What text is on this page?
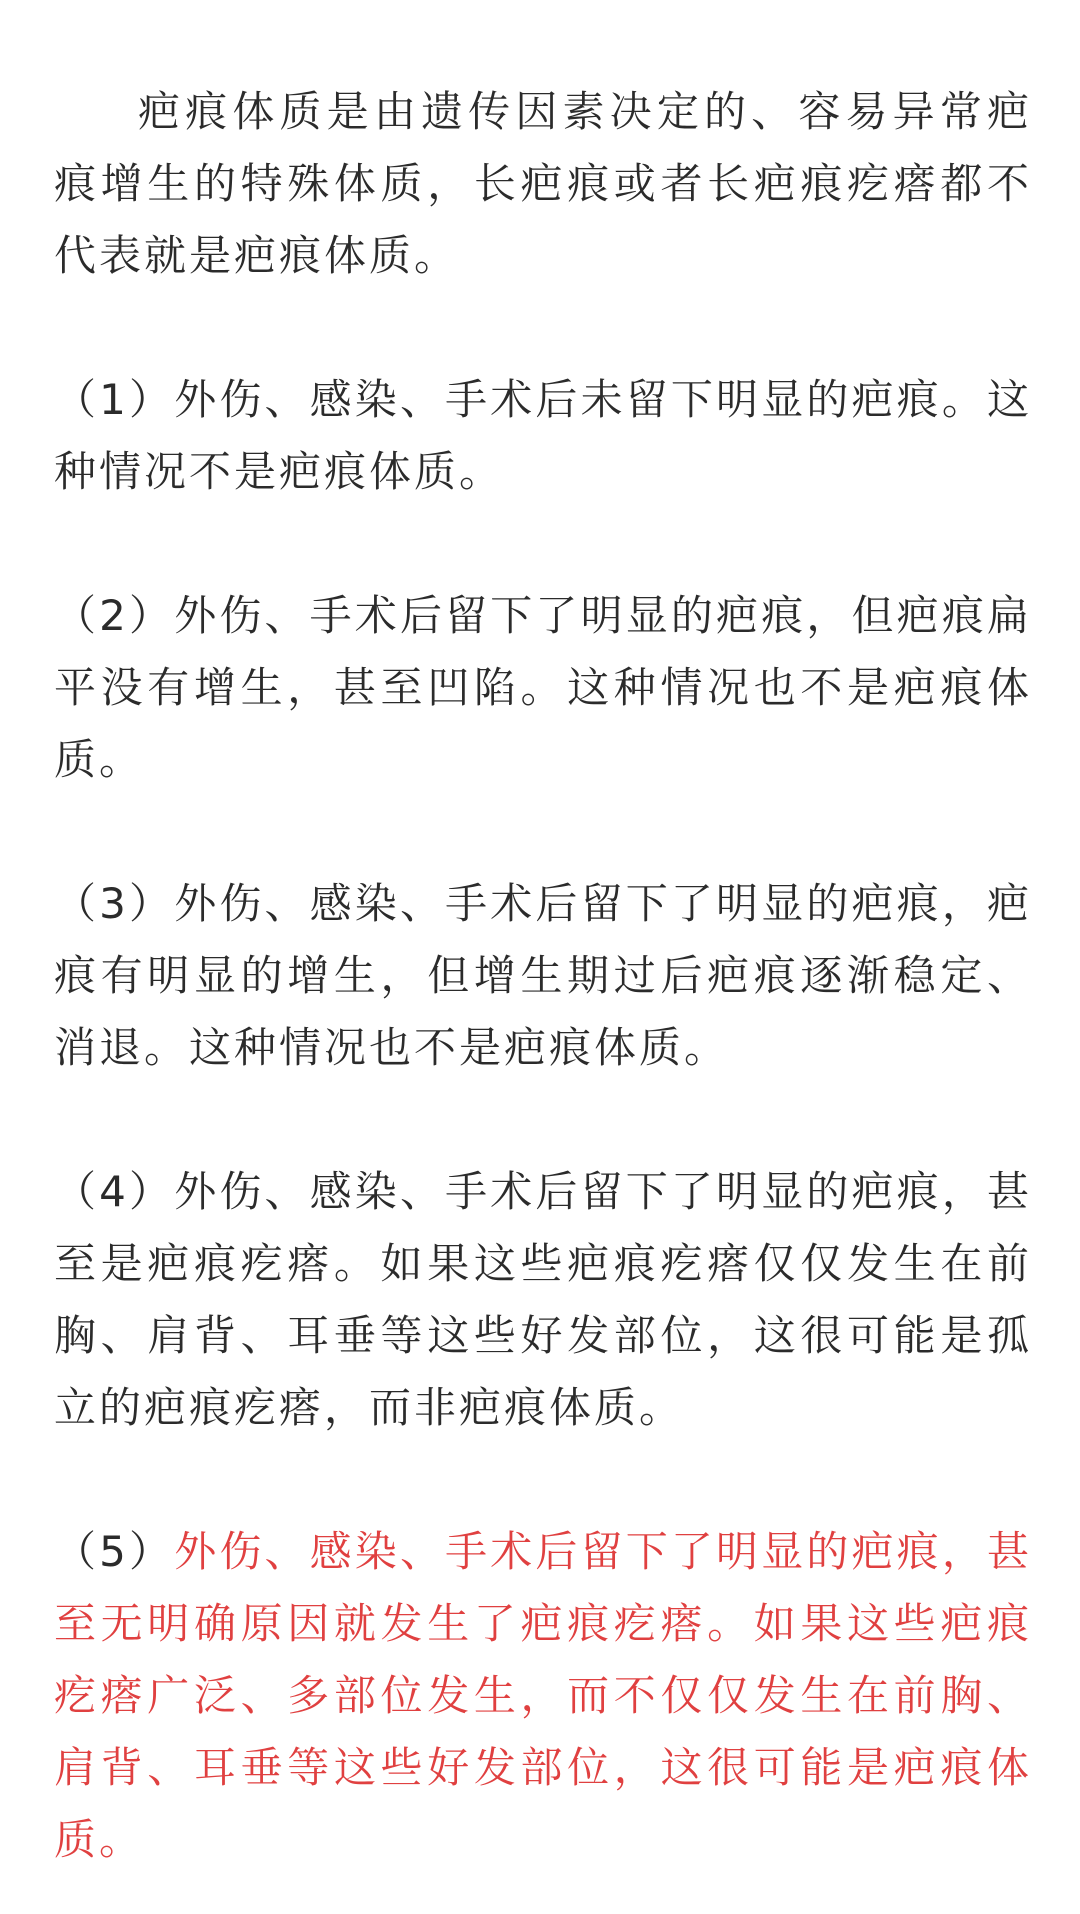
疤痕体质是由遗传因素决定的、容易异常疤痕增生的特殊体质，长疤痕或者长疤痕疙瘩都不代表就是疤痕体质。

（1）外伤、感染、手术后未留下明显的疤痕。这种情况不是疤痕体质。

（2）外伤、手术后留下了明显的疤痕，但疤痕扁平没有增生，甚至凹陷。这种情况也不是疤痕体质。

（3）外伤、感染、手术后留下了明显的疤痕，疤痕有明显的增生，但增生期过后疤痕逐渐稳定、消退。这种情况也不是疤痕体质。

（4）外伤、感染、手术后留下了明显的疤痕，甚至是疤痕疙瘩。如果这些疤痕疙瘩仅仅发生在前胸、肩背、耳垂等这些好发部位，这很可能是孤立的疤痕疙瘩，而非疤痕体质。

（5）外伤、感染、手术后留下了明显的疤痕，甚至无明确原因就发生了疤痕疙瘩。如果这些疤痕疙瘩广泛、多部位发生，而不仅仅发生在前胸、肩背、耳垂等这些好发部位，这很可能是疤痕体质。
